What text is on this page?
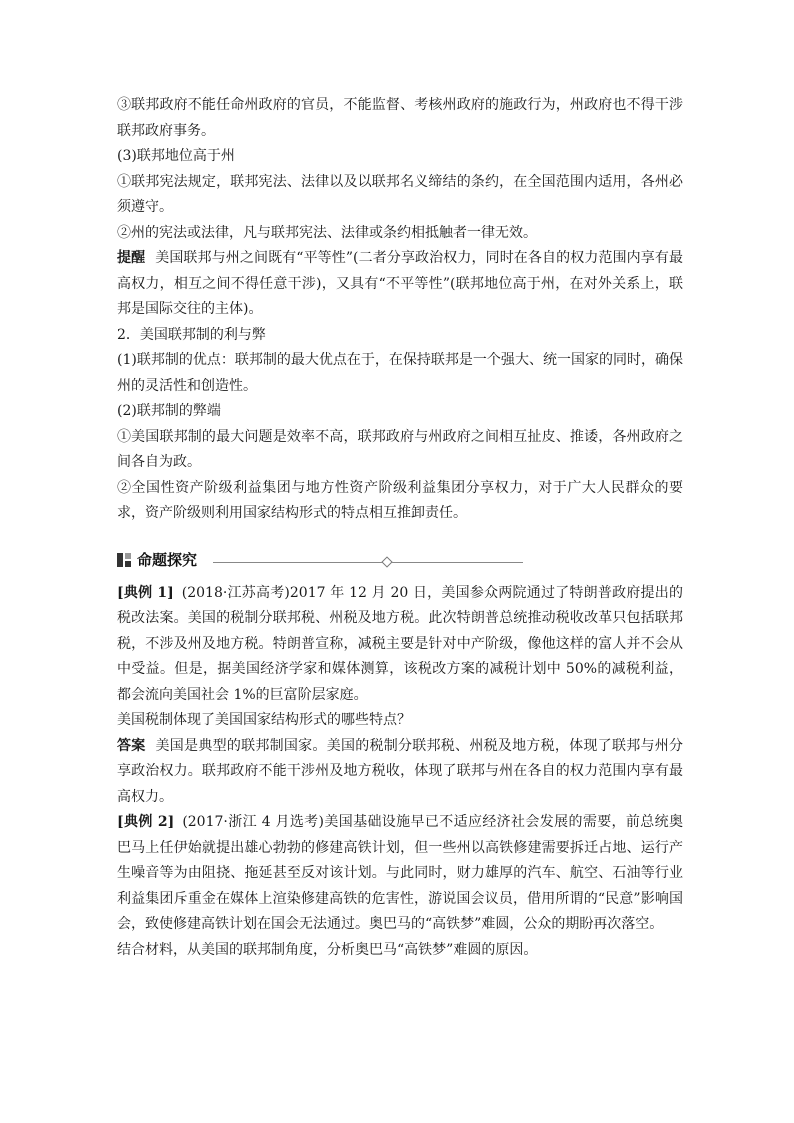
③联邦政府不能任命州政府的官员，不能监督、考核州政府的施政行为，州政府也不得干涉联邦政府事务。

(3)联邦地位高于州

①联邦宪法规定，联邦宪法、法律以及以联邦名义缔结的条约，在全国范围内适用，各州必须遵守。

②州的宪法或法律，凡与联邦宪法、法律或条约相抵触者一律无效。

提醒 美国联邦与州之间既有“平等性”(二者分享政治权力，同时在各自的权力范围内享有最高权力，相互之间不得任意干涉)，又具有“不平等性”(联邦地位高于州，在对外关系上，联邦是国际交往的主体)。

2．美国联邦制的利与弊

(1)联邦制的优点：联邦制的最大优点在于，在保持联邦是一个强大、统一国家的同时，确保州的灵活性和创造性。

(2)联邦制的弊端

①美国联邦制的最大问题是效率不高，联邦政府与州政府之间相互扯皮、推诿，各州政府之间各自为政。

②全国性资产阶级利益集团与地方性资产阶级利益集团分享权力，对于广大人民群众的要求，资产阶级则利用国家结构形式的特点相互推卸责任。

命题探究

[典例 1] (2018·江苏高考)2017 年 12 月 20 日，美国参众两院通过了特朗普政府提出的税改法案。美国的税制分联邦税、州税及地方税。此次特朗普总统推动税收改革只包括联邦税，不涉及州及地方税。特朗普宣称，减税主要是针对中产阶级，像他这样的富人并不会从中受益。但是，据美国经济学家和媒体测算，该税改方案的减税计划中 50%的减税利益，都会流向美国社会 1%的巨富阶层家庭。

美国税制体现了美国国家结构形式的哪些特点？

答案 美国是典型的联邦制国家。美国的税制分联邦税、州税及地方税，体现了联邦与州分享政治权力。联邦政府不能干涉州及地方税收，体现了联邦与州在各自的权力范围内享有最高权力。

[典例 2] (2017·浙江 4 月选考)美国基础设施早已不适应经济社会发展的需要，前总统奥巴马上任伊始就提出雄心勃勃的修建高铁计划，但一些州以高铁修建需要拆迁占地、运行产生噪音等为由阻挠、拖延甚至反对该计划。与此同时，财力雄厚的汽车、航空、石油等行业利益集团斥重金在媒体上渲染修建高铁的危害性，游说国会议员，借用所谓的“民意”影响国会，致使修建高铁计划在国会无法通过。奥巴马的“高铁梦”难圆，公众的期盼再次落空。

结合材料，从美国的联邦制角度，分析奥巴马“高铁梦”难圆的原因。
